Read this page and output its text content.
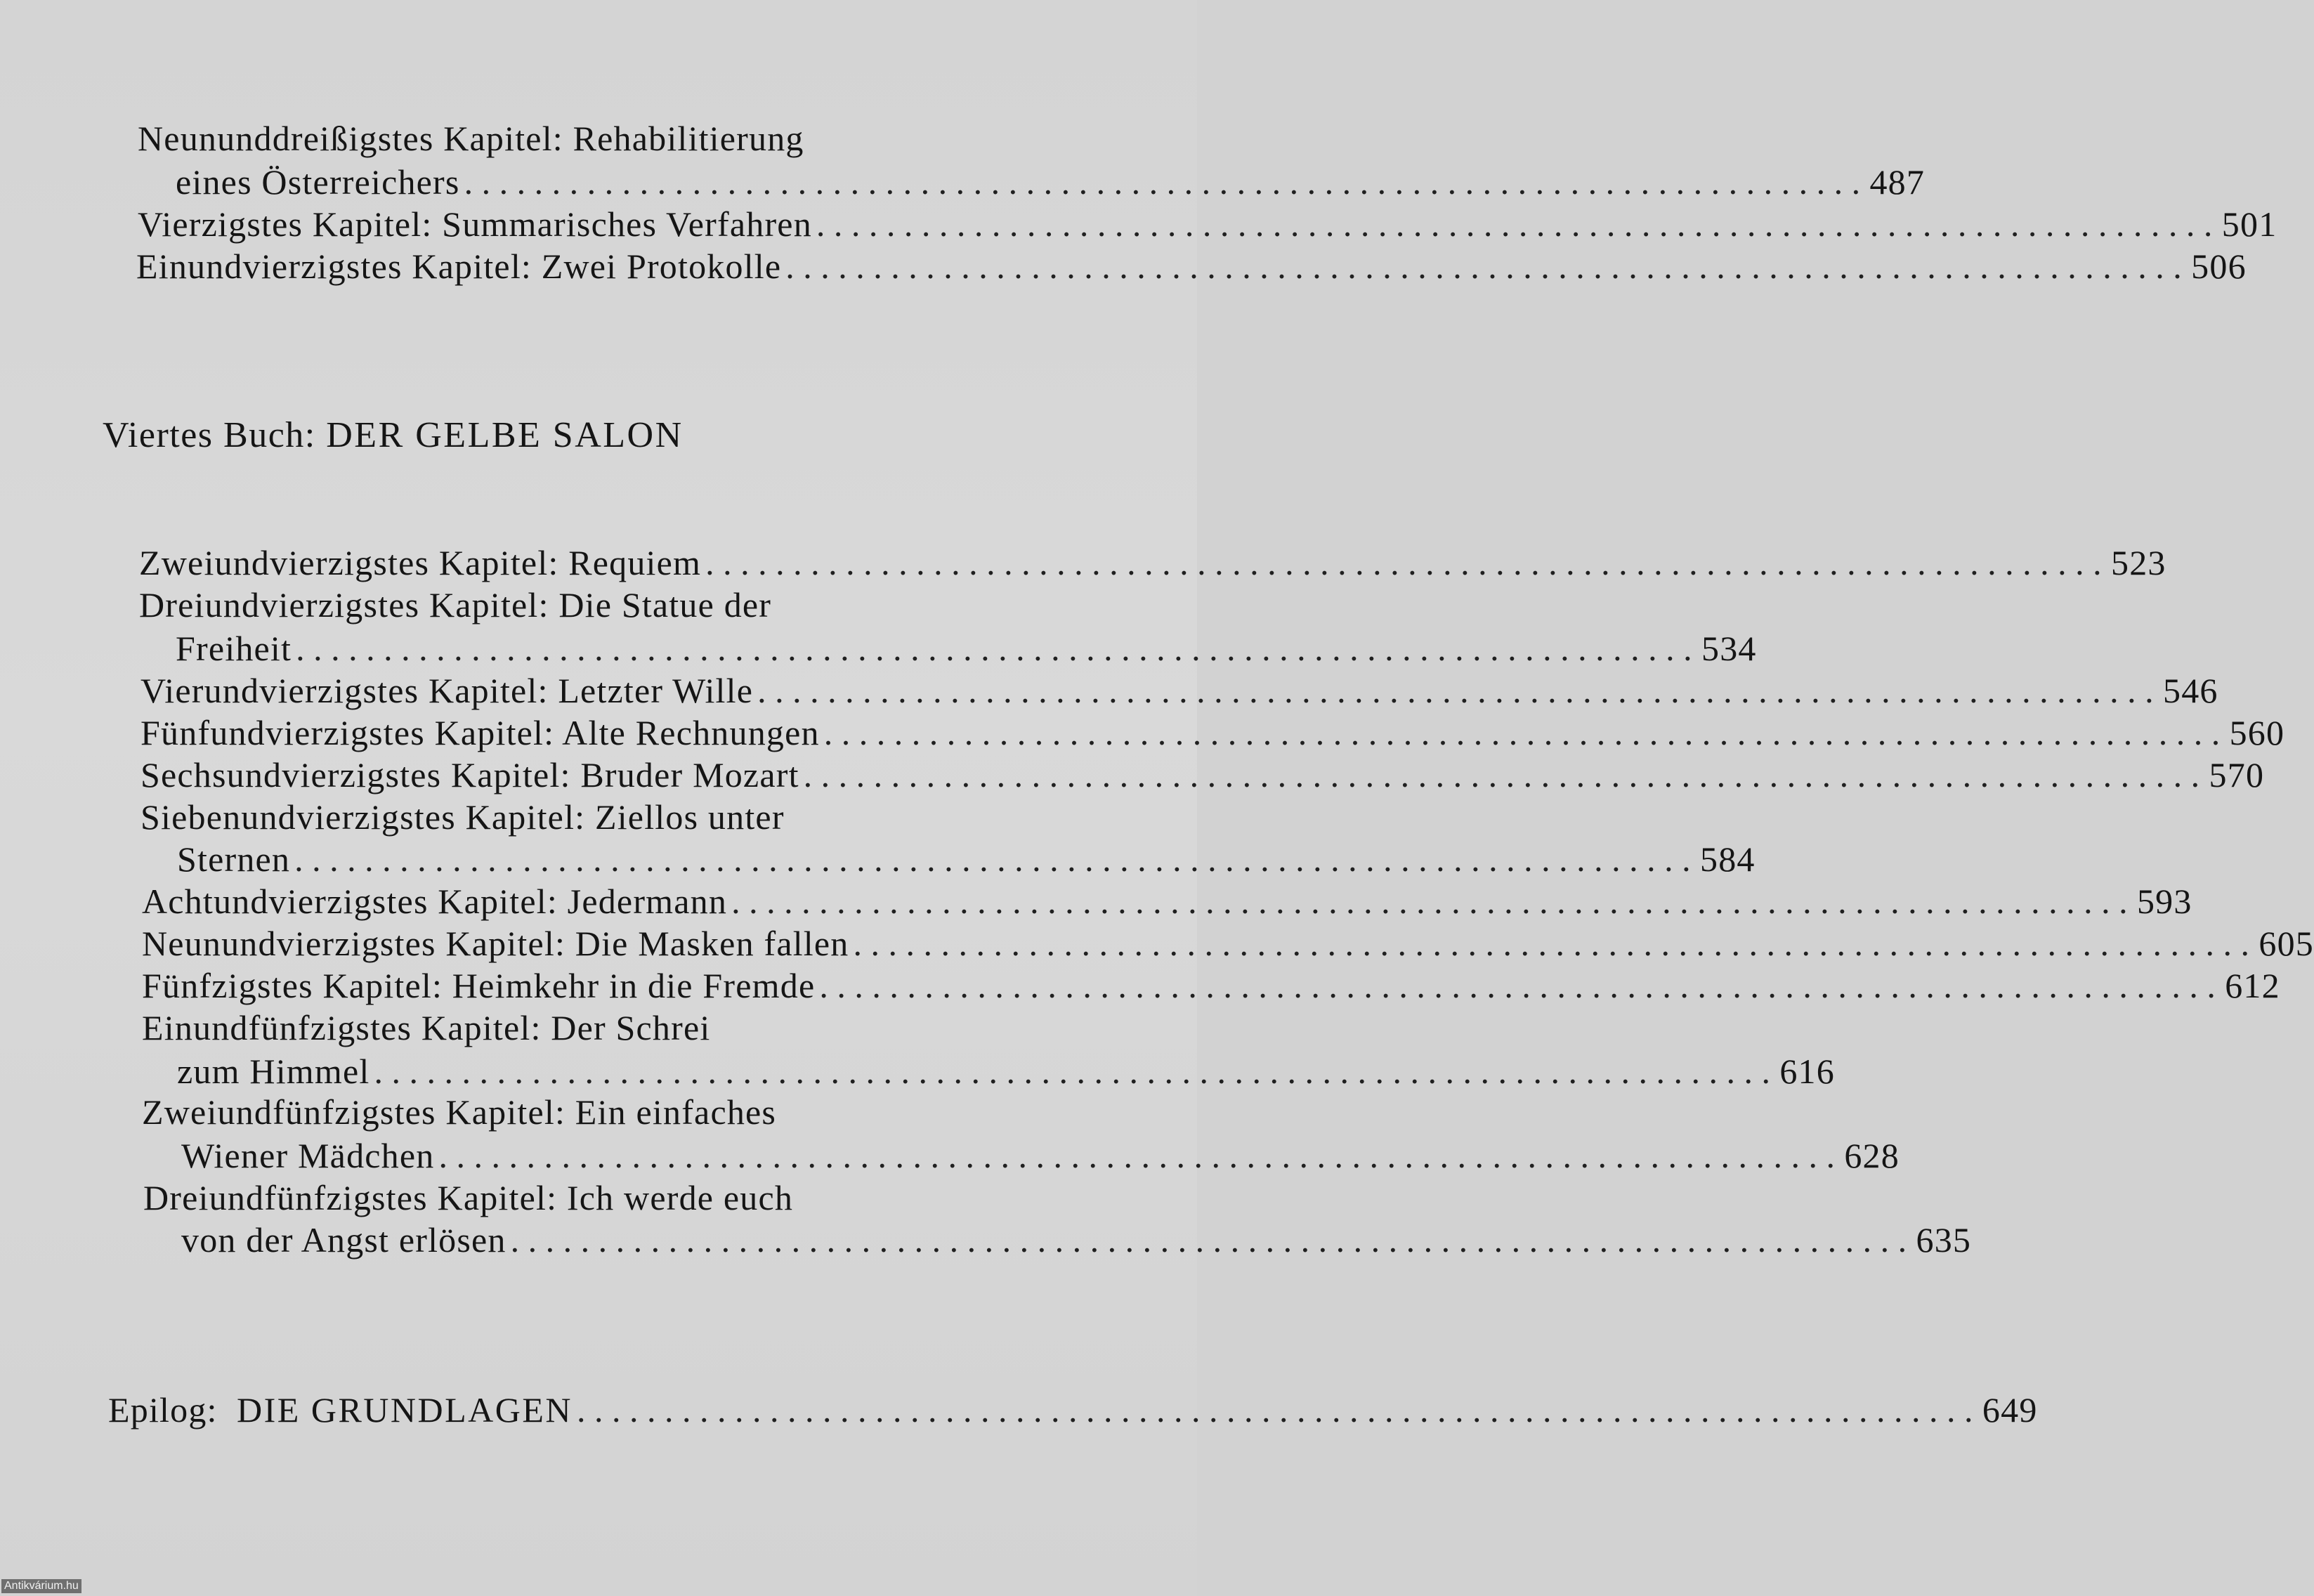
Neununddreißigstes Kapitel: Rehabilitierung
eines Österreichers . . . . . . . . . . . . . . . . . . . . . . . . . . . . . . . . . . . . . . . . . . . . . . . . . . . . . . . . . . . . . . . . . . . . . . . . . . . . . . . . 487
Vierzigstes Kapitel: Summarisches Verfahren . . . . . . . . . . . . . . . . . . . . . . . . . . . . . . . . . . . . . . . . . . . . . . . . . . . . . . . . . . . . . . . . . . . . . . . . . . . . . . . . 501
Einundvierzigstes Kapitel: Zwei Protokolle . . . . . . . . . . . . . . . . . . . . . . . . . . . . . . . . . . . . . . . . . . . . . . . . . . . . . . . . . . . . . . . . . . . . . . . . . . . . . . . . 506
Viertes Buch: DER GELBE SALON
Zweiundvierzigstes Kapitel: Requiem . . . . . . . . . . . . . . . . . . . . . . . . . . . . . . . . . . . . . . . . . . . . . . . . . . . . . . . . . . . . . . . . . . . . . . . . . . . . . . . . 523
Dreiundvierzigstes Kapitel: Die Statue der
Freiheit . . . . . . . . . . . . . . . . . . . . . . . . . . . . . . . . . . . . . . . . . . . . . . . . . . . . . . . . . . . . . . . . . . . . . . . . . . . . . . . . 534
Vierundvierzigstes Kapitel: Letzter Wille . . . . . . . . . . . . . . . . . . . . . . . . . . . . . . . . . . . . . . . . . . . . . . . . . . . . . . . . . . . . . . . . . . . . . . . . . . . . . . . . 546
Fünfundvierzigstes Kapitel: Alte Rechnungen . . . . . . . . . . . . . . . . . . . . . . . . . . . . . . . . . . . . . . . . . . . . . . . . . . . . . . . . . . . . . . . . . . . . . . . . . . . . . . . . 560
Sechsundvierzigstes Kapitel: Bruder Mozart . . . . . . . . . . . . . . . . . . . . . . . . . . . . . . . . . . . . . . . . . . . . . . . . . . . . . . . . . . . . . . . . . . . . . . . . . . . . . . . . 570
Siebenundvierzigstes Kapitel: Ziellos unter
Sternen . . . . . . . . . . . . . . . . . . . . . . . . . . . . . . . . . . . . . . . . . . . . . . . . . . . . . . . . . . . . . . . . . . . . . . . . . . . . . . . . 584
Achtundvierzigstes Kapitel: Jedermann . . . . . . . . . . . . . . . . . . . . . . . . . . . . . . . . . . . . . . . . . . . . . . . . . . . . . . . . . . . . . . . . . . . . . . . . . . . . . . . . 593
Neunundvierzigstes Kapitel: Die Masken fallen . . . . . . . . . . . . . . . . . . . . . . . . . . . . . . . . . . . . . . . . . . . . . . . . . . . . . . . . . . . . . . . . . . . . . . . . . . . . . . . . 605
Fünfzigstes Kapitel: Heimkehr in die Fremde . . . . . . . . . . . . . . . . . . . . . . . . . . . . . . . . . . . . . . . . . . . . . . . . . . . . . . . . . . . . . . . . . . . . . . . . . . . . . . . . 612
Einundfünfzigstes Kapitel: Der Schrei
zum Himmel . . . . . . . . . . . . . . . . . . . . . . . . . . . . . . . . . . . . . . . . . . . . . . . . . . . . . . . . . . . . . . . . . . . . . . . . . . . . . . . . 616
Zweiundfünfzigstes Kapitel: Ein einfaches
Wiener Mädchen . . . . . . . . . . . . . . . . . . . . . . . . . . . . . . . . . . . . . . . . . . . . . . . . . . . . . . . . . . . . . . . . . . . . . . . . . . . . . . . . 628
Dreiundfünfzigstes Kapitel: Ich werde euch
von der Angst erlösen . . . . . . . . . . . . . . . . . . . . . . . . . . . . . . . . . . . . . . . . . . . . . . . . . . . . . . . . . . . . . . . . . . . . . . . . . . . . . . . . 635
Epilog: DIE GRUNDLAGEN . . . . . . . . . . . . . . . . . . . . . . . . . . . . . . . . . . . . . . . . . . . . . . . . . . . . . . . . . . . . . . . . . . . . . . . . . . . . . . . . 649
Antikvárium.hu
